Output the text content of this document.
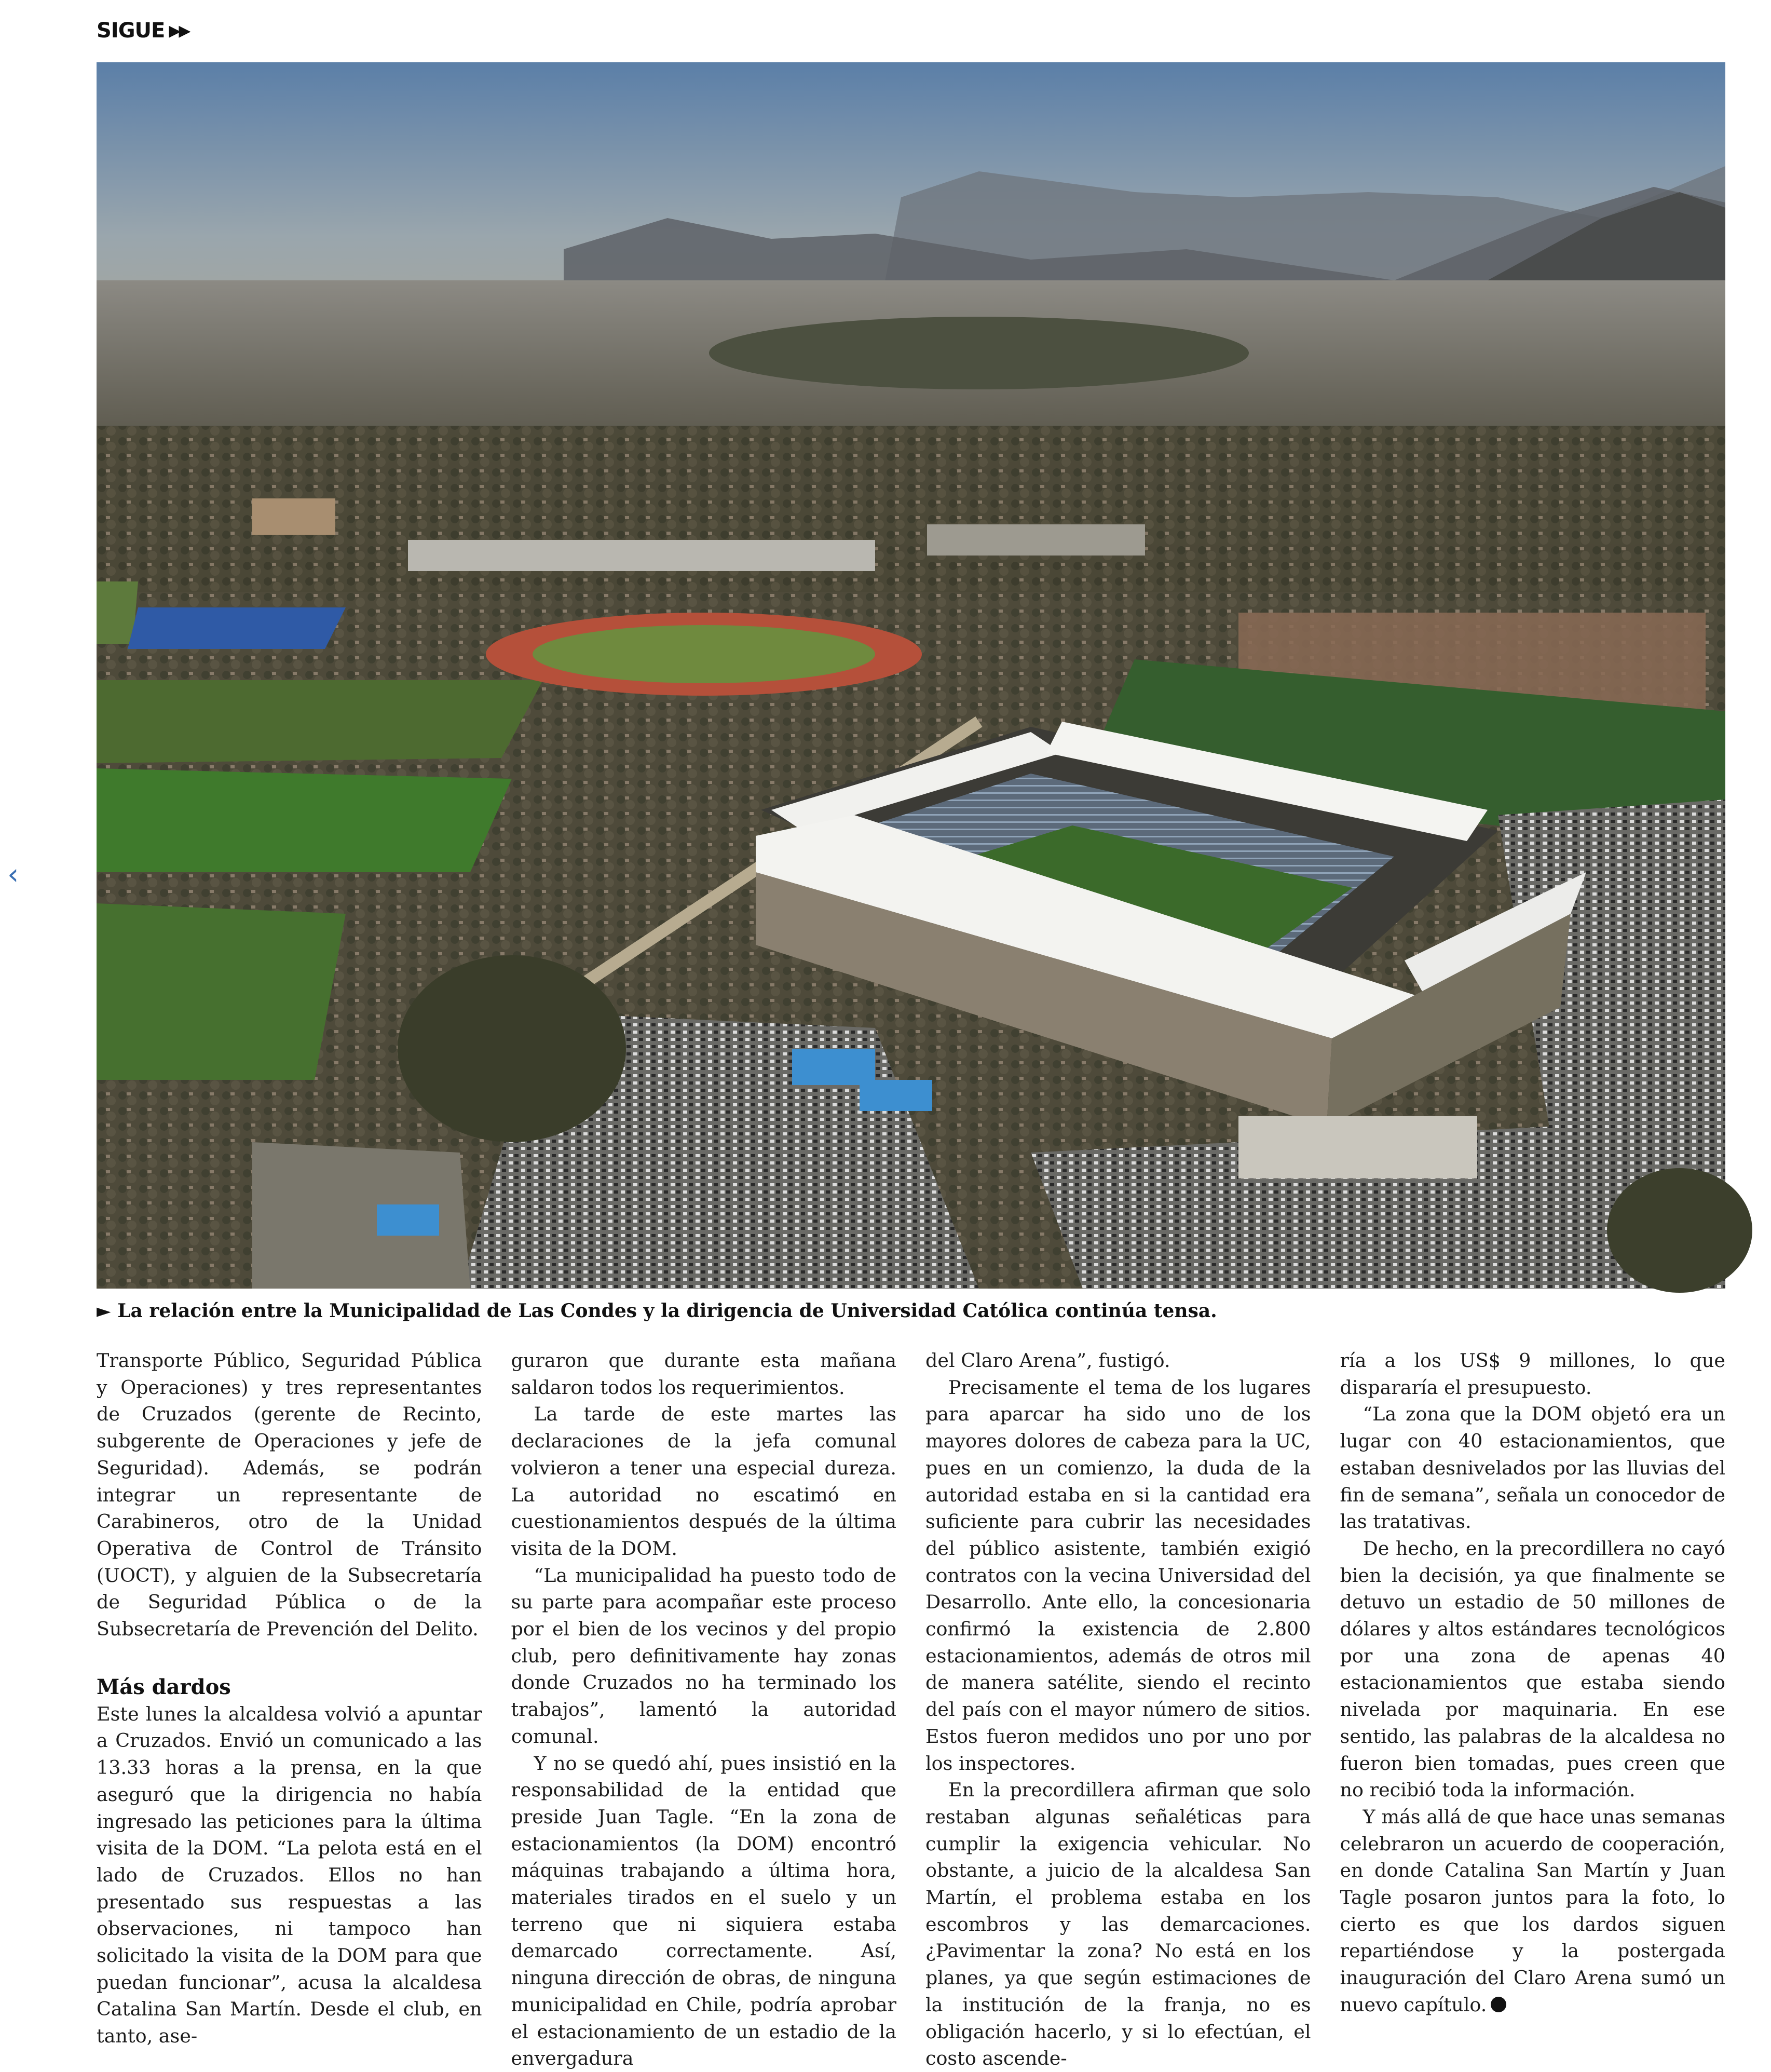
SIGUE ▶▶
‹
► La relación entre la Municipalidad de Las Condes y la dirigencia de Universidad Católica continúa tensa.

Transporte Público, Seguridad Pública y Operaciones) y tres representantes de Cruzados (gerente de Recinto, subgerente de Operaciones y jefe de Seguridad). Además, se podrán integrar un representante de Carabineros, otro de la Unidad Operativa de Control de Tránsito (UOCT), y alguien de la Subsecretaría de Seguridad Pública o de la Subsecretaría de Prevención del Delito.

Más dardos

Este lunes la alcaldesa volvió a apuntar a Cruzados. Envió un comunicado a las 13.33 horas a la prensa, en la que aseguró que la dirigencia no había ingresado las peticiones para la última visita de la DOM. “La pelota está en el lado de Cruzados. Ellos no han presentado sus respuestas a las observaciones, ni tampoco han solicitado la visita de la DOM para que puedan funcionar”, acusa la alcaldesa Catalina San Martín. Desde el club, en tanto, ase-

guraron que durante esta mañana saldaron todos los requerimientos.

La tarde de este martes las declaraciones de la jefa comunal volvieron a tener una especial dureza. La autoridad no escatimó en cuestionamientos después de la última visita de la DOM.

“La municipalidad ha puesto todo de su parte para acompañar este proceso por el bien de los vecinos y del propio club, pero definitivamente hay zonas donde Cruzados no ha terminado los trabajos”, lamentó la autoridad comunal.

Y no se quedó ahí, pues insistió en la responsabilidad de la entidad que preside Juan Tagle. “En la zona de estacionamientos (la DOM) encontró máquinas trabajando a última hora, materiales tirados en el suelo y un terreno que ni siquiera estaba demarcado correctamente. Así, ninguna dirección de obras, de ninguna municipalidad en Chile, podría aprobar el estacionamiento de un estadio de la envergadura

del Claro Arena”, fustigó.

Precisamente el tema de los lugares para aparcar ha sido uno de los mayores dolores de cabeza para la UC, pues en un comienzo, la duda de la autoridad estaba en si la cantidad era suficiente para cubrir las necesidades del público asistente, también exigió contratos con la vecina Universidad del Desarrollo. Ante ello, la concesionaria confirmó la existencia de 2.800 estacionamientos, además de otros mil de manera satélite, siendo el recinto del país con el mayor número de sitios. Estos fueron medidos uno por uno por los inspectores.

En la precordillera afirman que solo restaban algunas señaléticas para cumplir la exigencia vehicular. No obstante, a juicio de la alcaldesa San Martín, el problema estaba en los escombros y las demarcaciones. ¿Pavimentar la zona? No está en los planes, ya que según estimaciones de la institución de la franja, no es obligación hacerlo, y si lo efectúan, el costo ascende-

ría a los US$ 9 millones, lo que dispararía el presupuesto.

“La zona que la DOM objetó era un lugar con 40 estacionamientos, que estaban desnivelados por las lluvias del fin de semana”, señala un conocedor de las tratativas.

De hecho, en la precordillera no cayó bien la decisión, ya que finalmente se detuvo un estadio de 50 millones de dólares y altos estándares tecnológicos por una zona de apenas 40 estacionamientos que estaba siendo nivelada por maquinaria. En ese sentido, las palabras de la alcaldesa no fueron bien tomadas, pues creen que no recibió toda la información.

Y más allá de que hace unas semanas celebraron un acuerdo de cooperación, en donde Catalina San Martín y Juan Tagle posaron juntos para la foto, lo cierto es que los dardos siguen repartiéndose y la postergada inauguración del Claro Arena sumó un nuevo capítulo.
